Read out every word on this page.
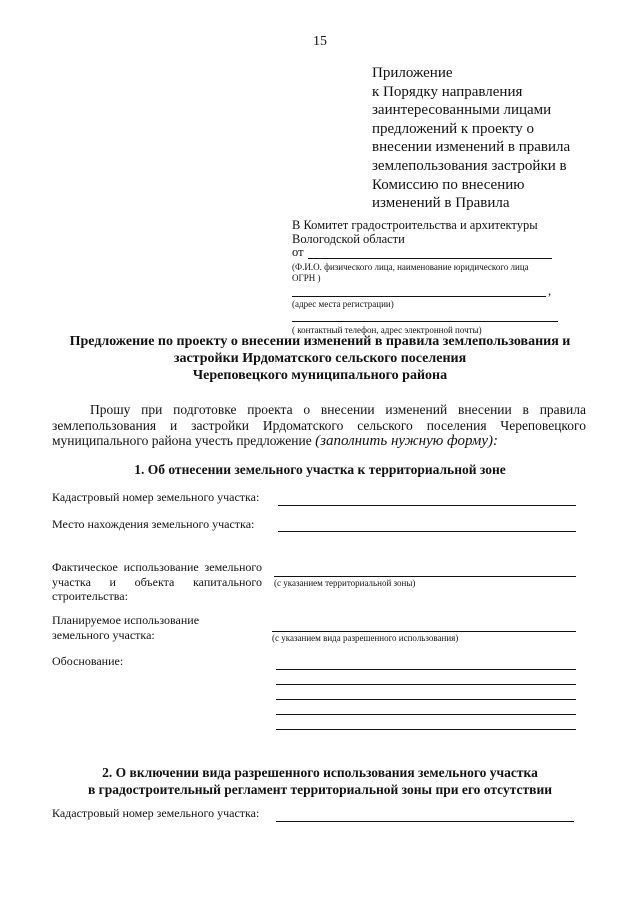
15
Приложение
к Порядку направления
заинтересованными лицами
предложений к проекту о
внесении изменений в правила
землепользования застройки в
Комиссию по внесению
изменений в Правила
В Комитет градостроительства и архитектуры
Вологодской области
от
(Ф.И.О. физического лица, наименование юридического лица
ОГРН )
,
(адрес места регистрации)
( контактный телефон, адрес электронной почты)
Предложение по проекту о внесении изменений в правила землепользования и
застройки Ирдоматского сельского поселения
Череповецкого муниципального района
Прошу при подготовке проекта о внесении изменений внесении в правила
землепользования и застройки Ирдоматского сельского поселения Череповецкого
муниципального района учесть предложение (заполнить нужную форму):
1. Об отнесении земельного участка к территориальной зоне
Кадастровый номер земельного участка:
Место нахождения земельного участка:
Фактическое использование земельного
участка и объекта капитального
строительства:
(с указанием территориальной зоны)
Планируемое использование
земельного участка:	(с указанием вида разрешенного использования)
Обоснование:
2. О включении вида разрешенного использования земельного участка
в градостроительный регламент территориальной зоны при его отсутствии
Кадастровый номер земельного участка:
